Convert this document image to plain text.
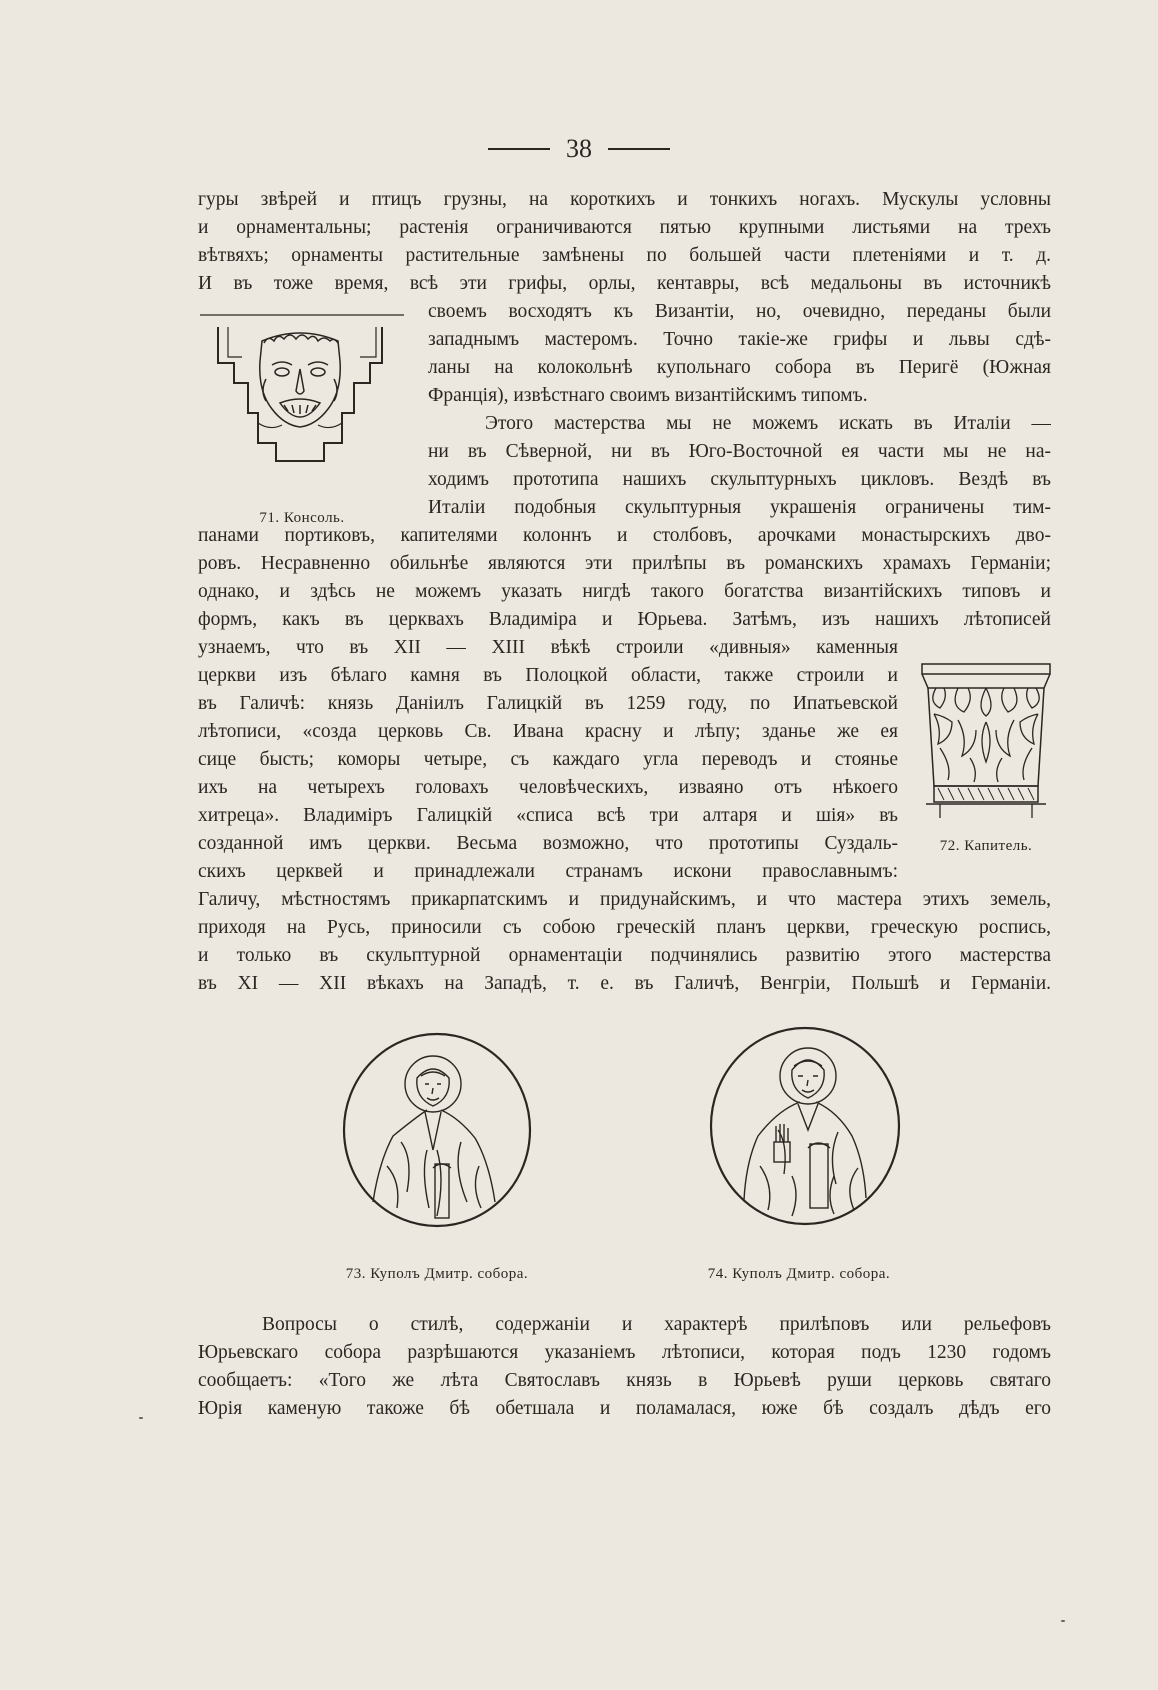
38
гуры звѣрей и птицъ грузны, на короткихъ и тонкихъ ногахъ. Мускулы условны
и орнаментальны; растенія ограничиваются пятью крупными листьями на трехъ
вѣтвяхъ; орнаменты растительные замѣнены по большей части плетеніями и т. д.
И въ тоже время, всѣ эти грифы, орлы, кентавры, всѣ медальоны въ источникѣ
своемъ восходятъ къ Византіи, но, очевидно, переданы были
западнымъ мастеромъ. Точно такіе-же грифы и львы сдѣ-
ланы на колокольнѣ купольнаго собора въ Перигё (Южная
Франція), извѣстнаго своимъ византійскимъ типомъ.
Этого мастерства мы не можемъ искать въ Италіи —
ни въ Сѣверной, ни въ Юго-Восточной ея части мы не на-
ходимъ прототипа нашихъ скульптурныхъ цикловъ. Вездѣ въ
Италіи подобныя скульптурныя украшенія ограничены тим-
панами портиковъ, капителями колоннъ и столбовъ, арочками монастырскихъ дво-
ровъ. Несравненно обильнѣе являются эти прилѣпы въ романскихъ храмахъ Германіи;
однако, и здѣсь не можемъ указать нигдѣ такого богатства византійскихъ типовъ и
формъ, какъ въ церквахъ Владиміра и Юрьева. Затѣмъ, изъ нашихъ лѣтописей
узнаемъ, что въ XII — XIII вѣкѣ строили «дивныя» каменныя
церкви изъ бѣлаго камня въ Полоцкой области, также строили и
въ Галичѣ: князь Даніилъ Галицкій въ 1259 году, по Ипатьевской
лѣтописи, «созда церковь Св. Ивана красну и лѣпу; зданье же ея
сице бысть; коморы четыре, съ каждаго угла переводъ и стоянье
ихъ на четырехъ головахъ человѣческихъ, изваяно отъ нѣкоего
хитреца». Владиміръ Галицкій «списа всѣ три алтаря и шія» въ
созданной имъ церкви. Весьма возможно, что прототипы Суздаль-
скихъ церквей и принадлежали странамъ искони православнымъ:
Галичу, мѣстностямъ прикарпатскимъ и придунайскимъ, и что мастера этихъ земель,
приходя на Русь, приносили съ собою греческій планъ церкви, греческую роспись,
и только въ скульптурной орнаментаціи подчинялись развитію этого мастерства
въ XI — XII вѣкахъ на Западѣ, т. е. въ Галичѣ, Венгріи, Польшѣ и Германіи.
Вопросы о стилѣ, содержаніи и характерѣ прилѣповъ или рельефовъ
Юрьевскаго собора разрѣшаются указаніемъ лѣтописи, которая подъ 1230 годомъ
сообщаетъ: «Того же лѣта Святославъ князь в Юрьевѣ руши церковь святаго
Юрія каменую такоже бѣ обетшала и поламалася, юже бѣ создалъ дѣдъ его
71. Консоль.
72. Капитель.
73. Куполъ Дмитр. собора.	74. Куполъ Дмитр. собора.
